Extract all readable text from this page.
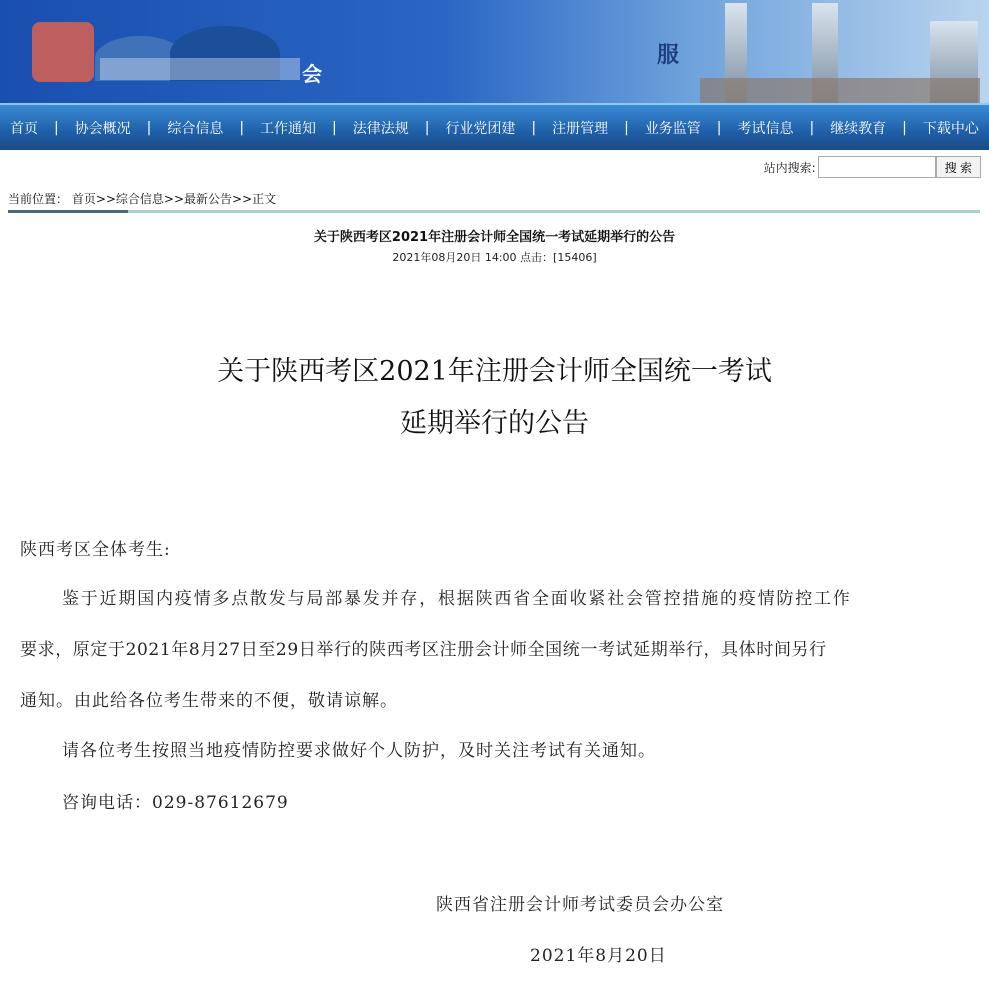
会
服
首页 | 协会概况 | 综合信息 | 工作通知 | 法律法规 | 行业党团建 | 注册管理 | 业务监管 | 考试信息 | 继续教育 | 下载中心
站内搜索:	搜 索
当前位置： 首页>>综合信息>>最新公告>>正文
关于陕西考区2021年注册会计师全国统一考试延期举行的公告
2021年08月20日 14:00 点击：[15406]
关于陕西考区2021年注册会计师全国统一考试
延期举行的公告
陕西考区全体考生:
鉴于近期国内疫情多点散发与局部暴发并存，根据陕西省全面收紧社会管控措施的疫情防控工作
要求，原定于2021年8月27日至29日举行的陕西考区注册会计师全国统一考试延期举行，具体时间另行
通知。由此给各位考生带来的不便，敬请谅解。
请各位考生按照当地疫情防控要求做好个人防护，及时关注考试有关通知。
咨询电话：029-87612679
陕西省注册会计师考试委员会办公室
2021年8月20日
